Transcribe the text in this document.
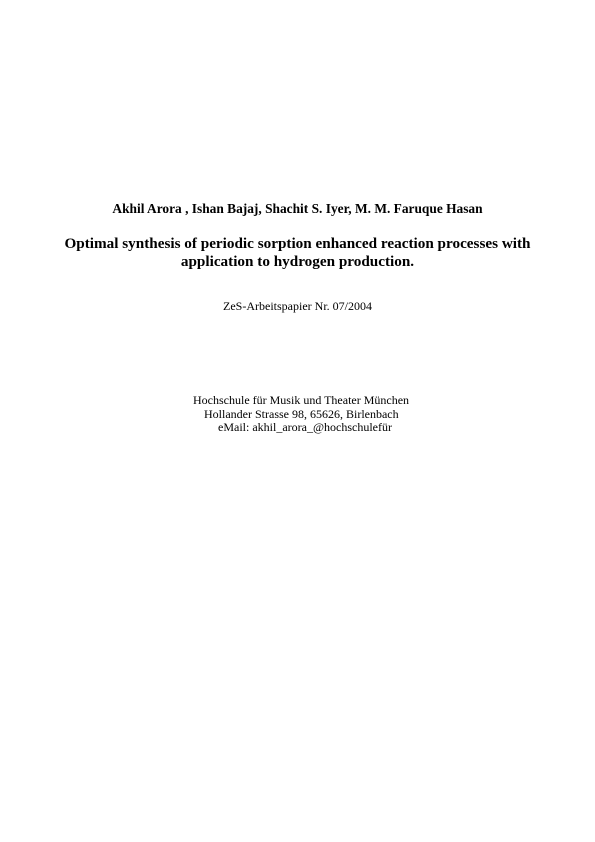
Akhil Arora , Ishan Bajaj, Shachit S. Iyer, M. M. Faruque Hasan
Optimal synthesis of periodic sorption enhanced reaction processes with
application to hydrogen production.
ZeS-Arbeitspapier Nr. 07/2004
Hochschule für Musik und Theater München
Hollander Strasse 98, 65626, Birlenbach
eMail: akhil_arora_@hochschulefür
